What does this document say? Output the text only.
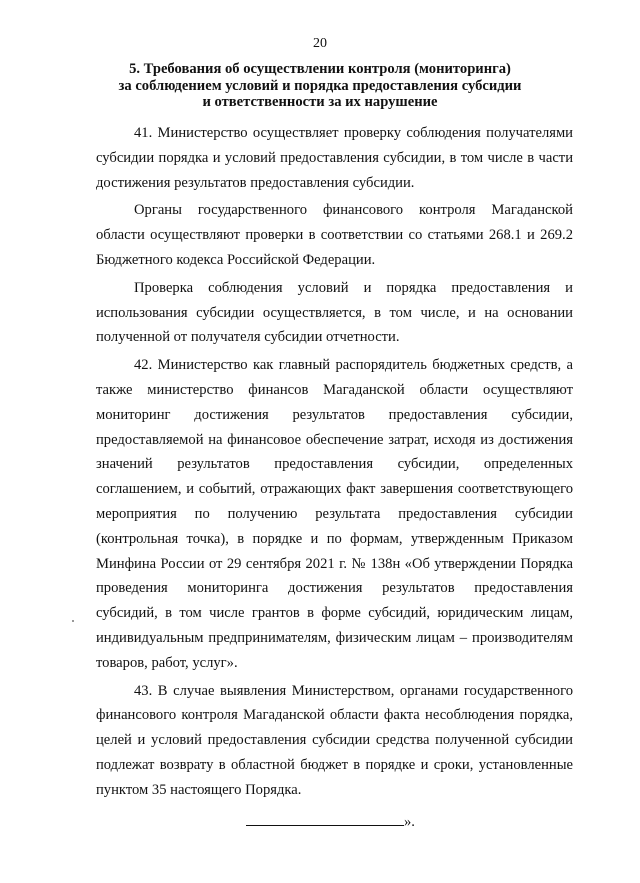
20
5. Требования об осуществлении контроля (мониторинга)
за соблюдением условий и порядка предоставления субсидии
и ответственности за их нарушение

41. Министерство осуществляет проверку соблюдения получателями субсидии порядка и условий предоставления субсидии, в том числе в части достижения результатов предоставления субсидии.

Органы государственного финансового контроля Магаданской области осуществляют проверки в соответствии со статьями 268.1 и 269.2 Бюджетного кодекса Российской Федерации.

Проверка соблюдения условий и порядка предоставления и использования субсидии осуществляется, в том числе, и на основании полученной от получателя субсидии отчетности.

42. Министерство как главный распорядитель бюджетных средств, а также министерство финансов Магаданской области осуществляют мониторинг достижения результатов предоставления субсидии, предоставляемой на финансовое обеспечение затрат, исходя из достижения значений результатов предоставления субсидии, определенных соглашением, и событий, отражающих факт завершения соответствующего мероприятия по получению результата предоставления субсидии (контрольная точка), в порядке и по формам, утвержденным Приказом Минфина России от 29 сентября 2021 г. № 138н «Об утверждении Порядка проведения мониторинга достижения результатов предоставления субсидий, в том числе грантов в форме субсидий, юридическим лицам, индивидуальным предпринимателям, физическим лицам – производителям товаров, работ, услуг».

43. В случае выявления Министерством, органами государственного финансового контроля Магаданской области факта несоблюдения порядка, целей и условий предоставления субсидии средства полученной субсидии подлежат возврату в областной бюджет в порядке и сроки, установленные пунктом 35 настоящего Порядка.

».
